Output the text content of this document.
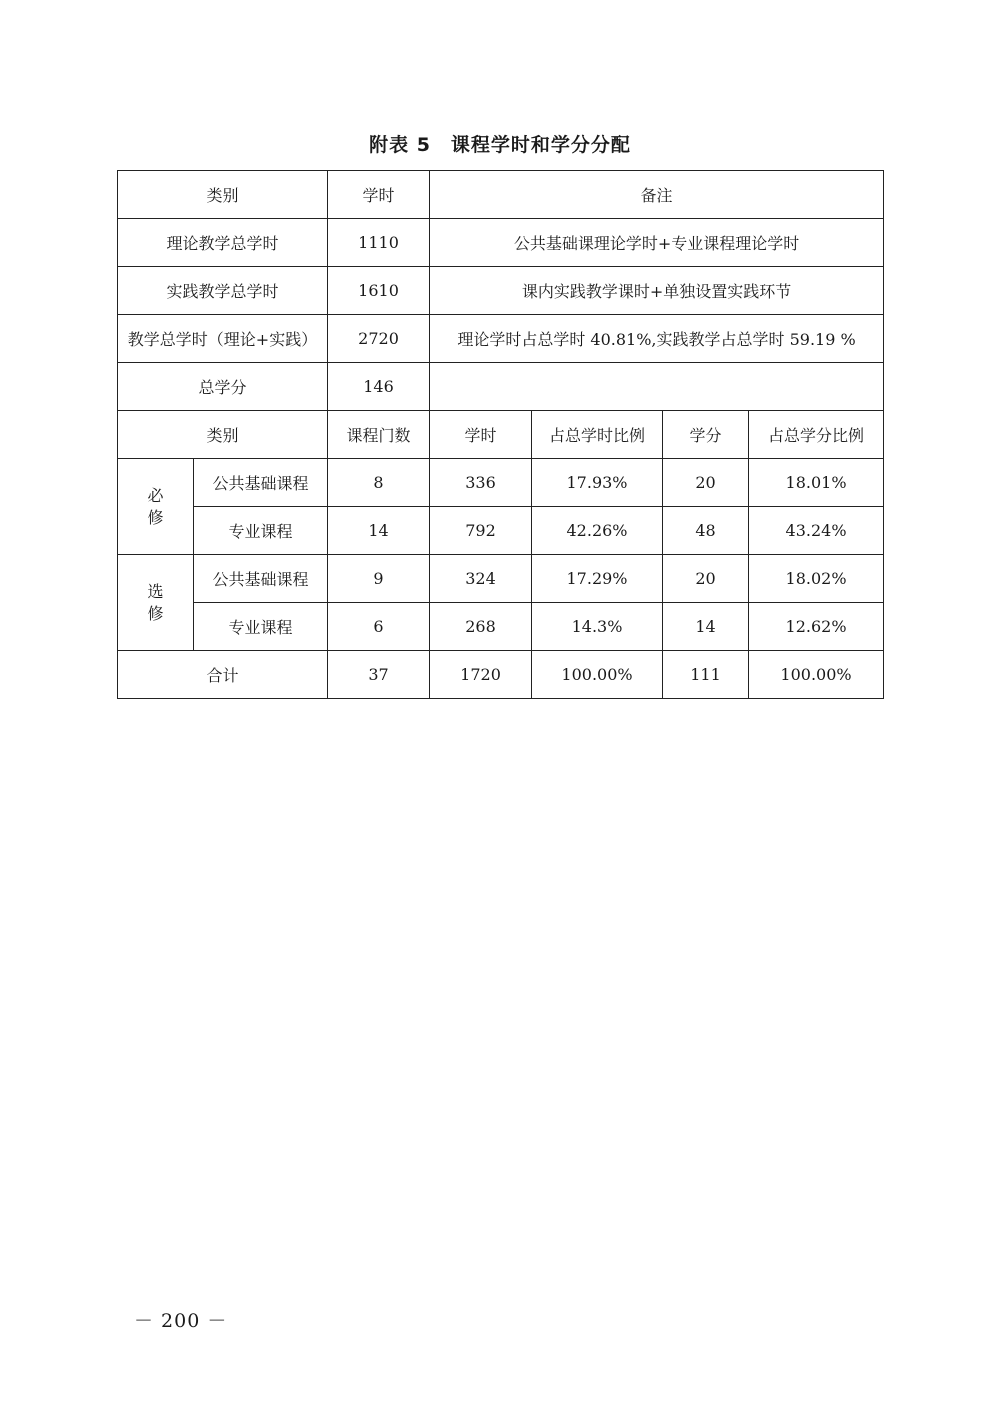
附表 5　课程学时和学分分配
类别		学时	备注			
理论教学总学时		1110	公共基础课理论学时+专业课程理论学时			
实践教学总学时		1610	课内实践教学课时+单独设置实践环节			
教学总学时（理论+实践）		2720	理论学时占总学时 40.81%,实践教学占总学时 59.19 %			
总学分		146				
类别		课程门数	学时	占总学时比例	学分	占总学分比例

必
修	公共基础课程	8	336	17.93%	20	18.01%
	专业课程	14	792	42.26%	48	43.24%

选
修	公共基础课程	9	324	17.29%	20	18.02%
	专业课程	6	268	14.3%	14	12.62%
合计		37	1720	100.00%	111	100.00%
－ 200 －
